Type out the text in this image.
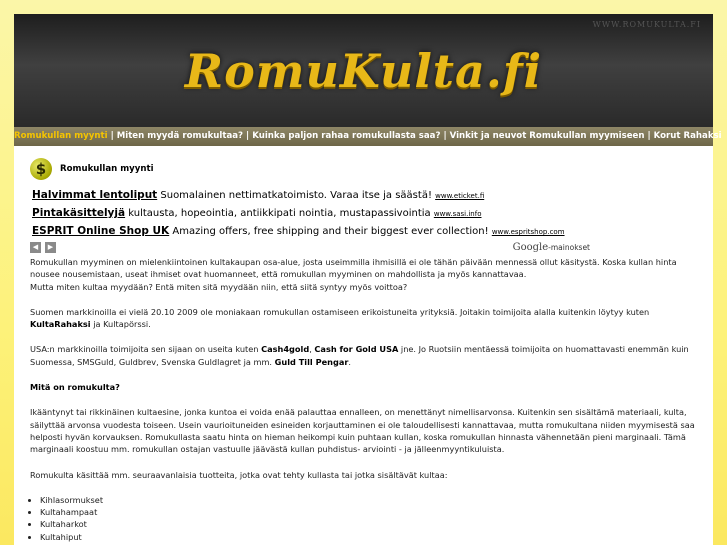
WWW.ROMUKULTA.FI
RomuKulta.fi
Romukullan myynti | Miten myydä romukultaa? | Kuinka paljon rahaa romukullasta saa? | Vinkit ja neuvot Romukullan myymiseen | Korut Rahaksi
$	Romukullan myynti
Halvimmat lentoliput Suomalainen nettimatkatoimisto. Varaa itse ja säästä! www.eticket.fi
Pintakäsittelyjä kultausta, hopeointia, antiikkipati nointia, mustapassivointia www.sasi.info
ESPRIT Online Shop UK Amazing offers, free shipping and their biggest ever collection! www.espritshop.com
◀	▶	Google-mainokset

Romukullan myyminen on mielenkiintoinen kultakaupan osa-alue, josta useimmilla ihmisillä ei ole tähän päivään mennessä ollut käsitystä. Koska kullan hinta nousee nousemistaan, useat ihmiset ovat huomanneet, että romukullan myyminen on mahdollista ja myös kannattavaa.
Mutta miten kultaa myydään? Entä miten sitä myydään niin, että siitä syntyy myös voittoa?

Suomen markkinoilla ei vielä 20.10 2009 ole moniakaan romukullan ostamiseen erikoistuneita yrityksiä. Joitakin toimijoita alalla kuitenkin löytyy kuten KultaRahaksi ja Kultapörssi.

USA:n markkinoilla toimijoita sen sijaan on useita kuten Cash4gold, Cash for Gold USA jne. Jo Ruotsiin mentäessä toimijoita on huomattavasti enemmän kuin Suomessa, SMSGuld, Guldbrev, Svenska Guldlagret ja mm. Guld Till Pengar.

Mitä on romukulta?

Ikääntynyt tai rikkinäinen kultaesine, jonka kuntoa ei voida enää palauttaa ennalleen, on menettänyt nimellisarvonsa. Kuitenkin sen sisältämä materiaali, kulta, säilyttää arvonsa vuodesta toiseen. Usein vaurioituneiden esineiden korjauttaminen ei ole taloudellisesti kannattavaa, mutta romukultana niiden myymisestä saa helposti hyvän korvauksen. Romukullasta saatu hinta on hieman heikompi kuin puhtaan kullan, koska romukullan hinnasta vähennetään pieni marginaali. Tämä marginaali koostuu mm. romukullan ostajan vastuulle jäävästä kullan puhdistus- arviointi - ja jälleenmyyntikuluista.

Romukulta käsittää mm. seuraavanlaisia tuotteita, jotka ovat tehty kullasta tai jotka sisältävät kultaa:

• Kihlasormukset
• Kultahampaat
• Kultaharkot
• Kultahiput
